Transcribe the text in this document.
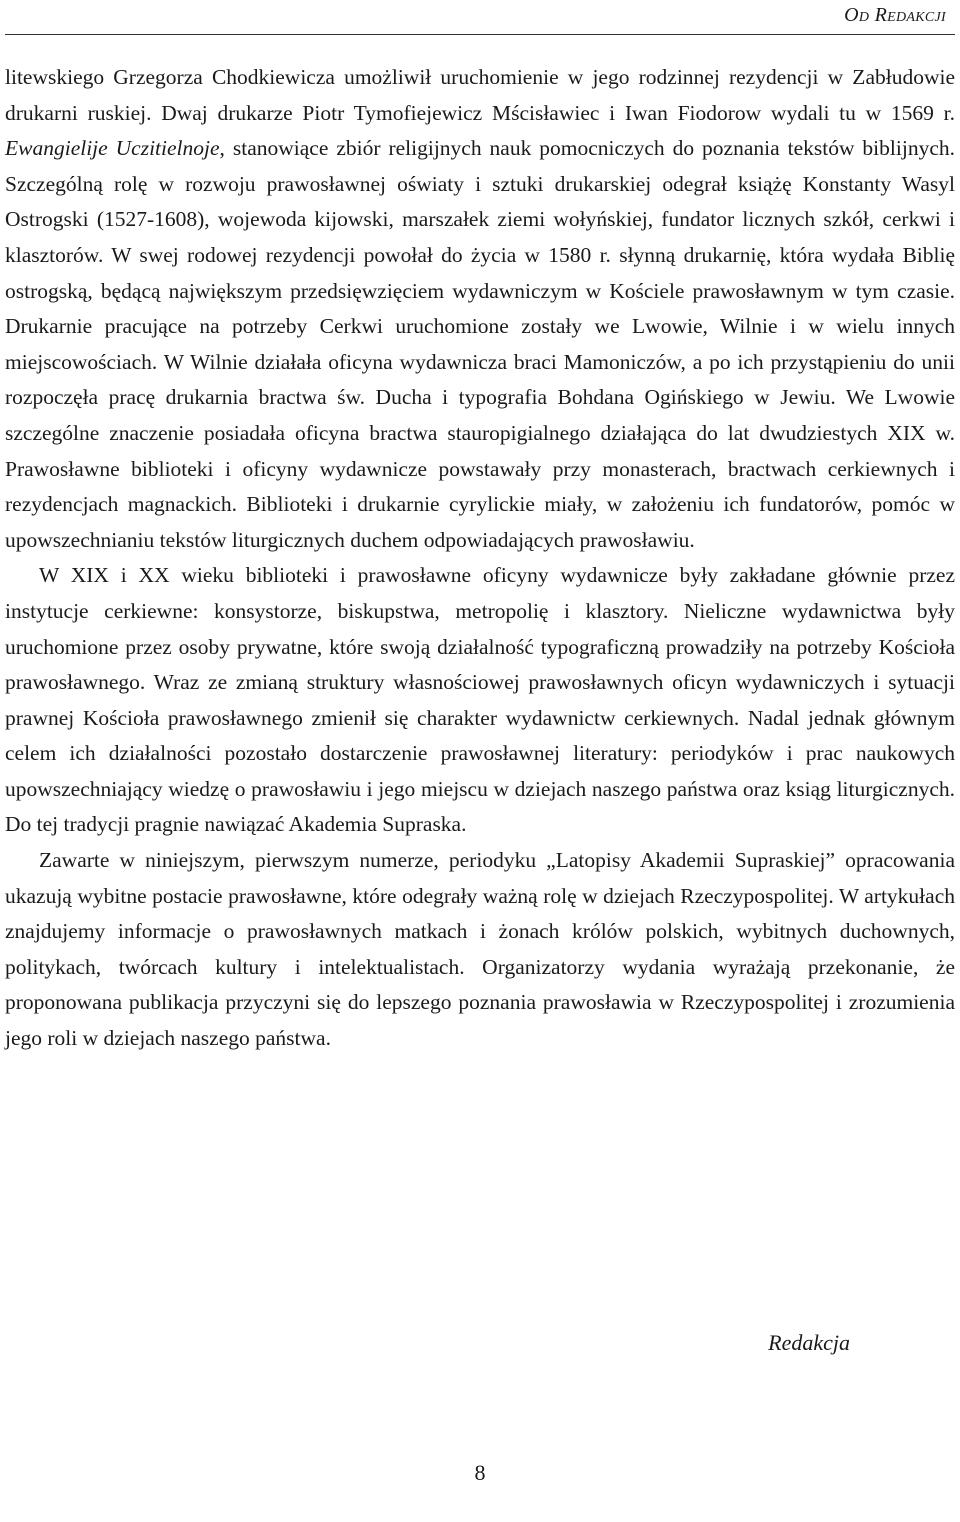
Od Redakcji

litewskiego Grzegorza Chodkiewicza umożliwił uruchomienie w jego rodzinnej rezydencji w Zabłudowie drukarni ruskiej. Dwaj drukarze Piotr Tymofiejewicz Mścisławiec i Iwan Fiodorow wydali tu w 1569 r. Ewangielije Uczitielnoje, stanowiące zbiór religijnych nauk pomocniczych do poznania tekstów biblijnych. Szczególną rolę w rozwoju prawosławnej oświaty i sztuki drukarskiej odegrał książę Konstanty Wasyl Ostrogski (1527-1608), wojewoda kijowski, marszałek ziemi wołyńskiej, fundator licznych szkół, cerkwi i klasztorów. W swej rodowej rezydencji powołał do życia w 1580 r. słynną drukarnię, która wydała Biblię ostrogską, będącą największym przedsięwzięciem wydawniczym w Kościele prawosławnym w tym czasie. Drukarnie pracujące na potrzeby Cerkwi uruchomione zostały we Lwowie, Wilnie i w wielu innych miejscowościach. W Wilnie działała oficyna wydawnicza braci Mamoniczów, a po ich przystąpieniu do unii rozpoczęła pracę drukarnia bractwa św. Ducha i typografia Bohdana Ogińskiego w Jewiu. We Lwowie szczególne znaczenie posiadała oficyna bractwa stauropigialnego działająca do lat dwudziestych XIX w. Prawosławne biblioteki i oficyny wydawnicze powstawały przy monasterach, bractwach cerkiewnych i rezydencjach magnackich. Biblioteki i drukarnie cyrylickie miały, w założeniu ich fundatorów, pomóc w upowszechnianiu tekstów liturgicznych duchem odpowiadających prawosławiu.

W XIX i XX wieku biblioteki i prawosławne oficyny wydawnicze były zakładane głównie przez instytucje cerkiewne: konsystorze, biskupstwa, metropolię i klasztory. Nieliczne wydawnictwa były uruchomione przez osoby prywatne, które swoją działalność typograficzną prowadziły na potrzeby Kościoła prawosławnego. Wraz ze zmianą struktury własnościowej prawosławnych oficyn wydawniczych i sytuacji prawnej Kościoła prawosławnego zmienił się charakter wydawnictw cerkiewnych. Nadal jednak głównym celem ich działalności pozostało dostarczenie prawosławnej literatury: periodyków i prac naukowych upowszechniający wiedzę o prawosławiu i jego miejscu w dziejach naszego państwa oraz ksiąg liturgicznych. Do tej tradycji pragnie nawiązać Akademia Supraska.

Zawarte w niniejszym, pierwszym numerze, periodyku „Latopisy Akademii Supraskiej” opracowania ukazują wybitne postacie prawosławne, które odegrały ważną rolę w dziejach Rzeczypospolitej. W artykułach znajdujemy informacje o prawosławnych matkach i żonach królów polskich, wybitnych duchownych, politykach, twórcach kultury i intelektualistach. Organizatorzy wydania wyrażają przekonanie, że proponowana publikacja przyczyni się do lepszego poznania prawosławia w Rzeczypospolitej i zrozumienia jego roli w dziejach naszego państwa.

Redakcja
8
